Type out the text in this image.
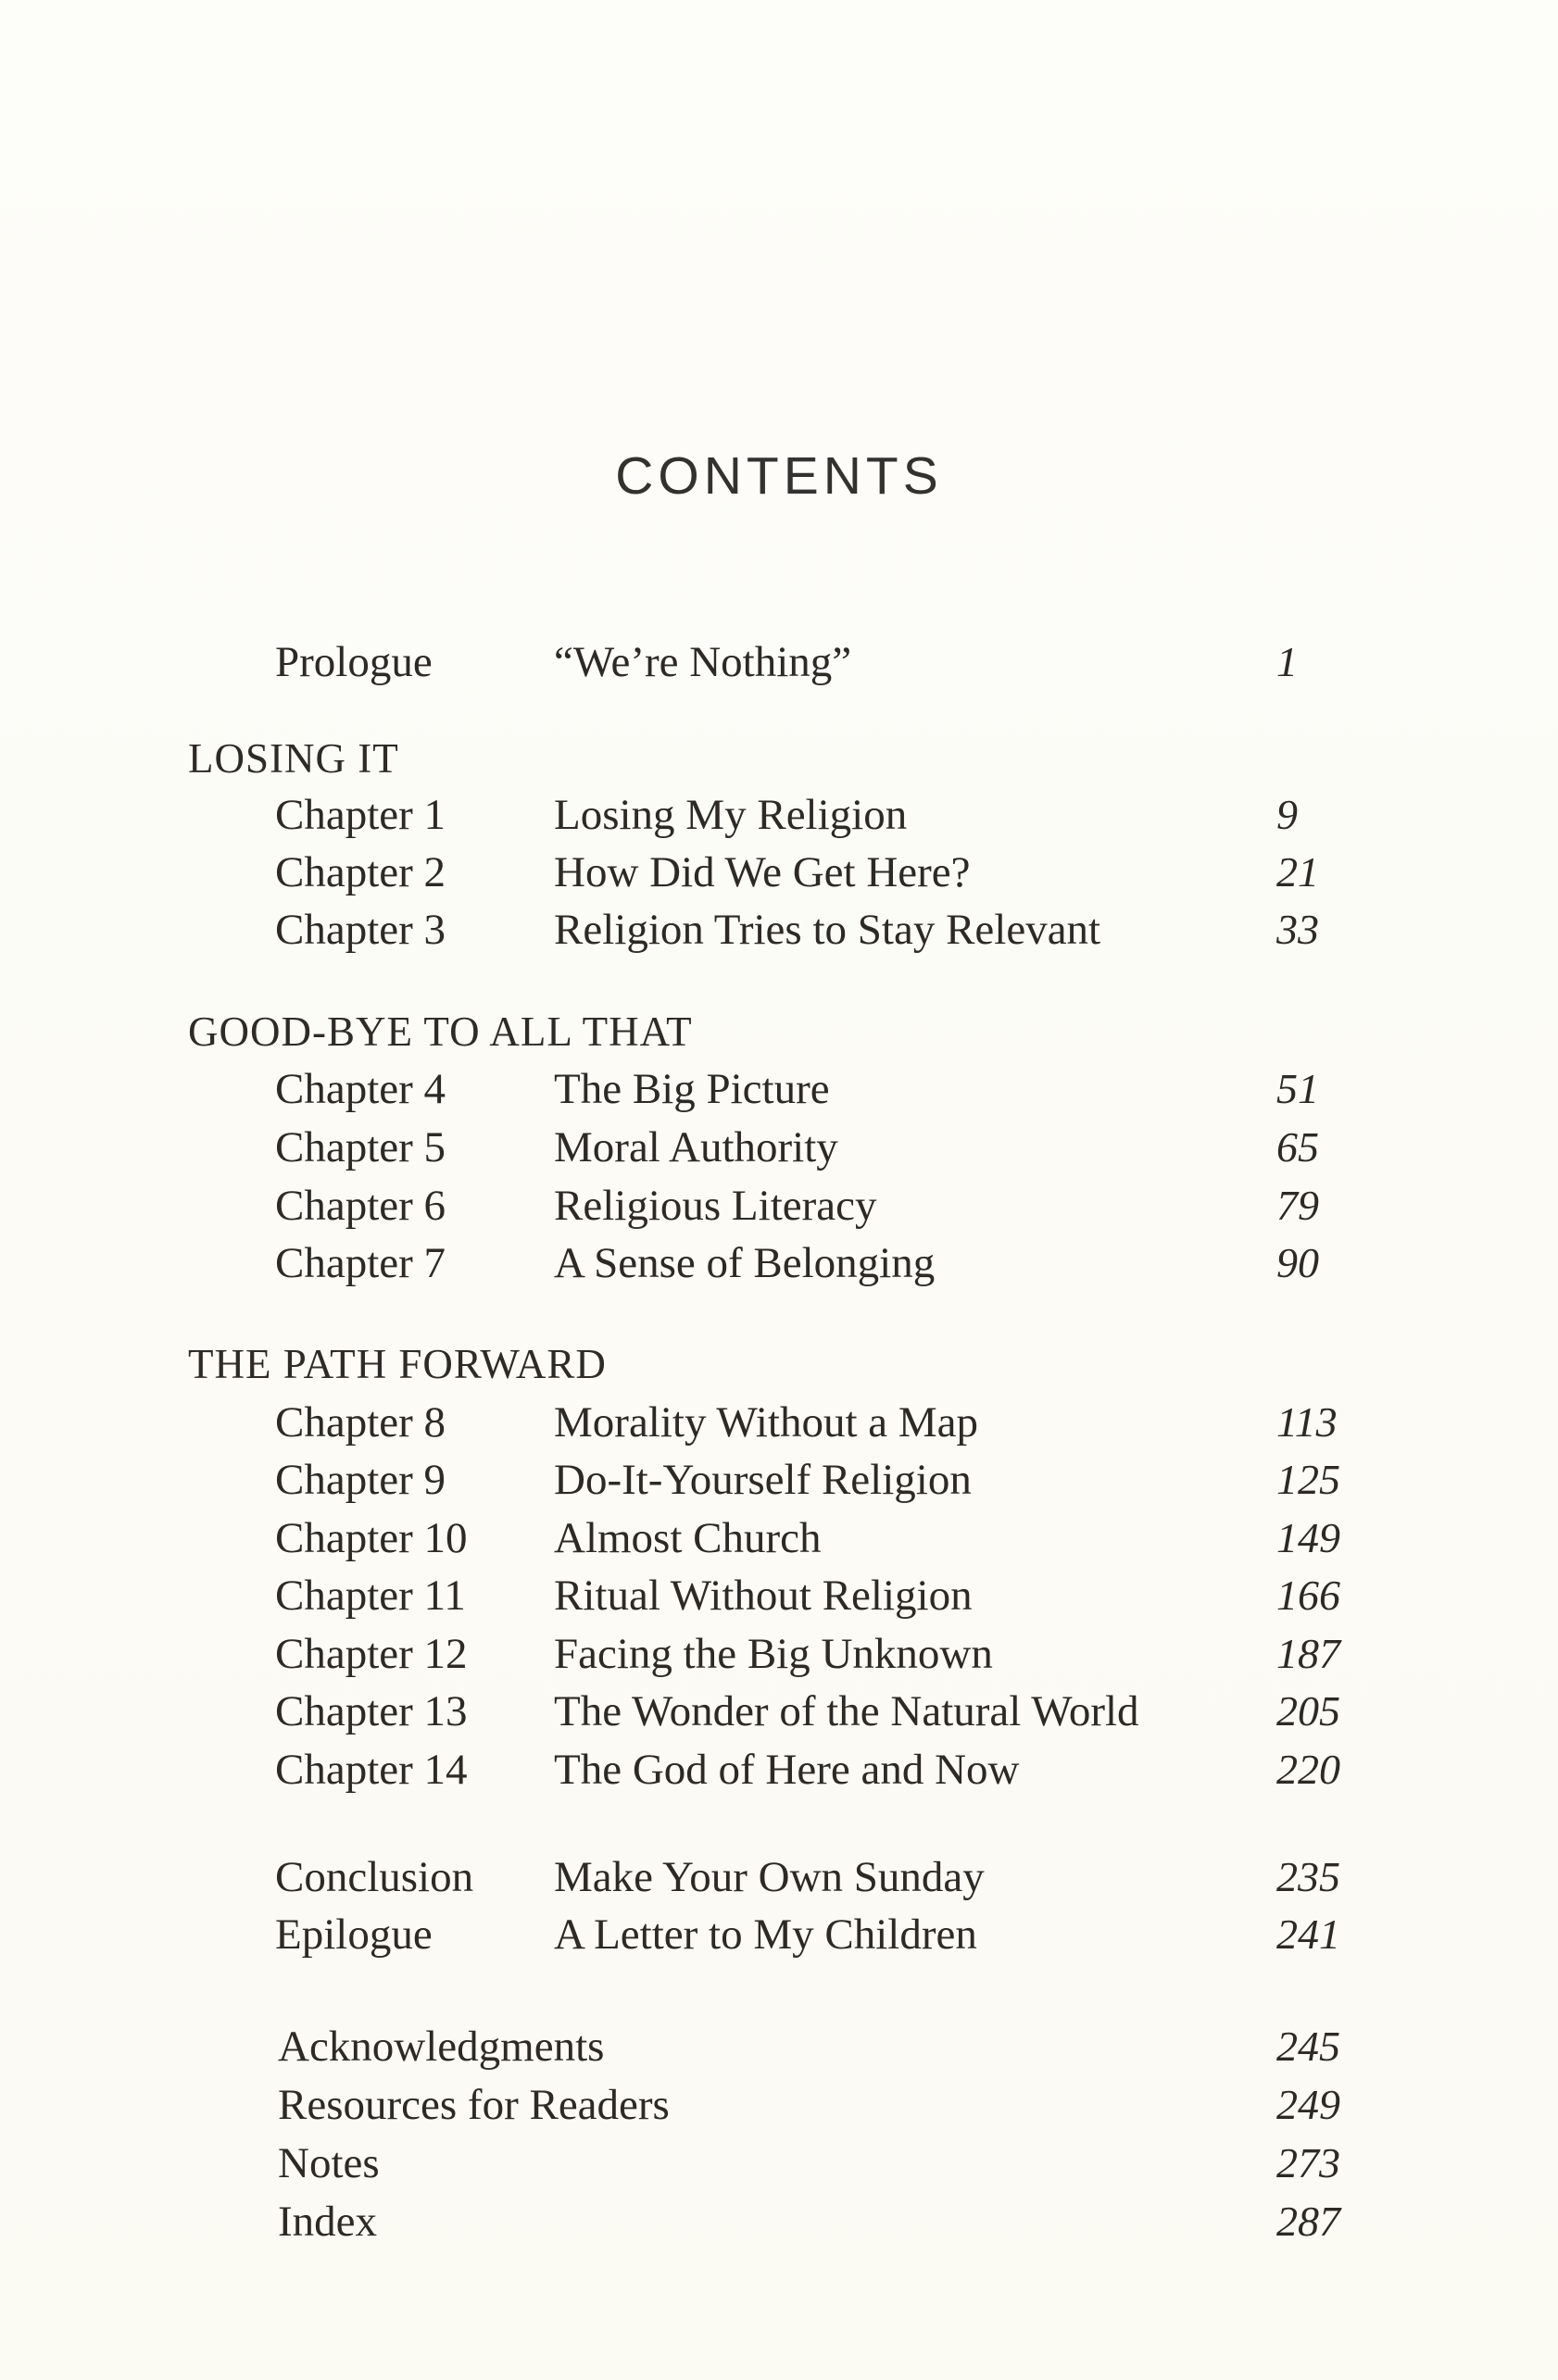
CONTENTS
Prologue	“We’re Nothing”	1
LOSING IT
Chapter 1 Losing My Religion	9
Chapter 2 How Did We Get Here?	21
Chapter 3 Religion Tries to Stay Relevant	33
GOOD-BYE TO ALL THAT
Chapter 4 The Big Picture	51
Chapter 5 Moral Authority	65
Chapter 6 Religious Literacy	79
Chapter 7 A Sense of Belonging	90
THE PATH FORWARD
Chapter 8 Morality Without a Map	113
Chapter 9 Do-It-Yourself Religion	125
Chapter 10 Almost Church	149
Chapter 11 Ritual Without Religion	166
Chapter 12 Facing the Big Unknown	187
Chapter 13 The Wonder of the Natural World	205
Chapter 14 The God of Here and Now	220
Conclusion Make Your Own Sunday	235
Epilogue	A Letter to My Children	241
Acknowledgments	245
Resources for Readers	249
Notes	273
Index	287
